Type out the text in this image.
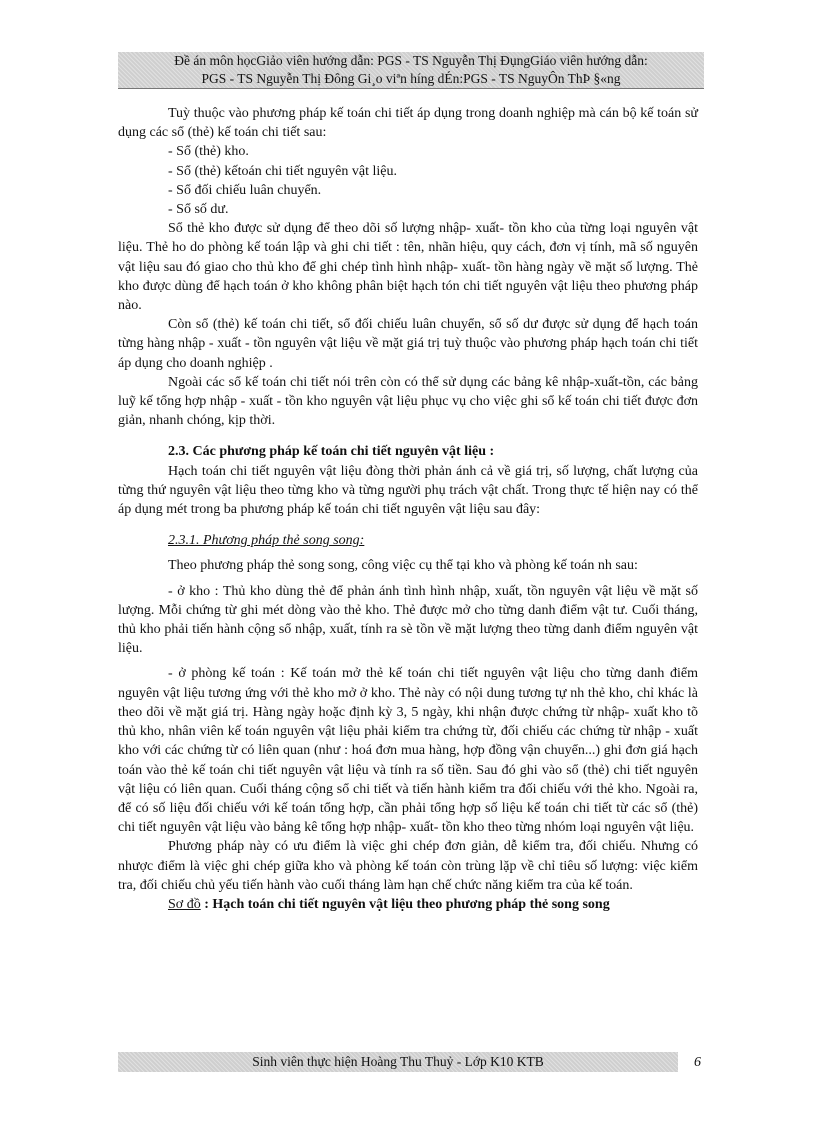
Đề án môn họcGiảo viên hướng dẫn: PGS - TS Nguyễn Thị ĐụngGiáo viên hướng dẫn:
PGS - TS Nguyễn Thị Đông Gi¸o viªn híng dÉn:PGS - TS NguyÔn ThÞ §«ng

Tuỳ thuộc vào phương pháp kế toán chi tiết áp dụng trong doanh nghiệp mà cán bộ kế toán sử dụng các sổ (thẻ) kế toán chi tiết sau:

- Sổ (thẻ) kho.

- Sổ (thẻ) kếtoán chi tiết nguyên vật liệu.

- Sổ đối chiếu luân chuyển.

- Sổ số dư.

Sổ thẻ kho được sử dụng để theo dõi số lượng nhập- xuất- tồn kho của từng loại nguyên vật liệu. Thẻ ho do phòng kế toán lập và ghi chi tiết : tên, nhãn hiệu, quy cách, đơn vị tính, mã số nguyên vật liệu sau đó giao cho thủ kho để ghi chép tình hình nhập- xuất- tồn hàng ngày về mặt số lượng. Thẻ kho được dùng để hạch toán ở kho không phân biệt hạch tón chi tiết nguyên vật liệu theo phương pháp nào.

Còn sổ (thẻ) kế toán chi tiết, sổ đối chiếu luân chuyển, sổ số dư được sử dụng để hạch toán từng hàng nhập - xuất - tồn nguyên vật liệu về mặt giá trị tuỳ thuộc vào phương pháp hạch toán chi tiết áp dụng cho doanh nghiệp .

Ngoài các sổ kế toán chi tiết nói trên còn có thể sử dụng các bảng kê nhập-xuất-tồn, các bảng luỹ kế tổng hợp nhập - xuất - tồn kho nguyên vật liệu phục vụ cho việc ghi sổ kế toán chi tiết được đơn giản, nhanh chóng, kịp thời.

2.3. Các phương pháp kế toán chi tiết nguyên vật liệu :

Hạch toán chi tiết nguyên vật liệu đòng thời phản ánh cả về giá trị, số lượng, chất lượng của từng thứ nguyên vật liệu theo từng kho và từng người phụ trách vật chất. Trong thực tế hiện nay có thể áp dụng mét trong ba phương pháp kế toán chi tiết nguyên vật liệu sau đây:

2.3.1. Phương pháp thẻ song song:

Theo phương pháp thẻ song song, công việc cụ thể tại kho và phòng kế toán nh sau:

- ở kho : Thủ kho dùng thẻ để phản ánh tình hình nhập, xuất, tồn nguyên vật liệu về mặt số lượng. Mỗi chứng từ ghi mét dòng vào thẻ kho. Thẻ được mở cho từng danh điểm vật tư. Cuối tháng, thủ kho phải tiến hành cộng sổ nhập, xuất, tính ra sè tồn về mặt lượng theo từng danh điểm nguyên vật liệu.

- ở phòng kế toán : Kế toán mở thẻ kế toán chi tiết nguyên vật liệu cho từng danh điểm nguyên vật liệu tương ứng với thẻ kho mở ở kho. Thẻ này có nội dung tương tự nh thẻ kho, chỉ khác là theo dõi về mặt giá trị. Hàng ngày hoặc định kỳ 3, 5 ngày, khi nhận được chứng từ nhập- xuất kho tõ thủ kho, nhân viên kế toán nguyên vật liệu phải kiểm tra chứng từ, đối chiếu các chứng từ nhập - xuất kho với các chứng từ có liên quan (như : hoá đơn mua hàng, hợp đồng vận chuyển...) ghi đơn giá hạch toán vào thẻ kế toán chi tiết nguyên vật liệu và tính ra số tiền. Sau đó ghi vào sổ (thẻ) chi tiết nguyên vật liệu có liên quan. Cuối tháng cộng sổ chi tiết và tiến hành kiểm tra đối chiếu với thẻ kho. Ngoài ra, để có số liệu đối chiếu với kế toán tổng hợp, cần phải tổng hợp số liệu kế toán chi tiết từ các sổ (thẻ) chi tiết nguyên vật liệu vào bảng kê tổng hợp nhập- xuất- tồn kho theo từng nhóm loại nguyên vật liệu.

Phương pháp này có ưu điểm là việc ghi chép đơn giản, dễ kiểm tra, đối chiếu. Nhưng có nhược điểm là việc ghi chép giữa kho và phòng kế toán còn trùng lặp về chỉ tiêu số lượng: việc kiểm tra, đối chiếu chủ yếu tiến hành vào cuối tháng làm hạn chế chức năng kiểm tra của kế toán.

Sơ đồ : Hạch toán chi tiết nguyên vật liệu theo phương pháp thẻ song song

Sinh viên thực hiện Hoàng Thu Thuỷ - Lớp K10 KTB	6
